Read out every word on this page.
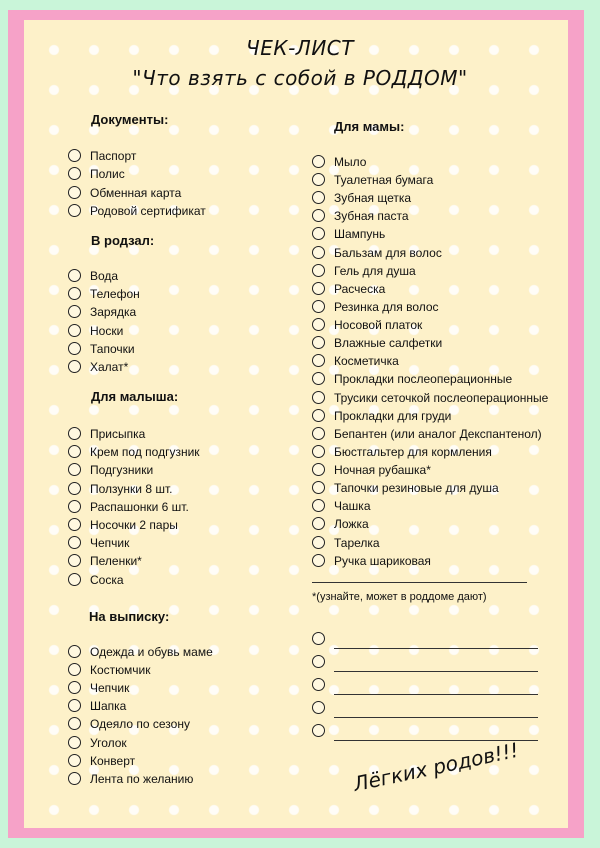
ЧЕК-ЛИСТ
"Что взять с собой в РОДДОМ"
Документы:
Паспорт
Полис
Обменная карта
Родовой сертификат
В родзал:
Вода
Телефон
Зарядка
Носки
Тапочки
Халат*
Для малыша:
Присыпка
Крем под подгузник
Подгузники
Ползунки 8 шт.
Распашонки 6 шт.
Носочки 2 пары
Чепчик
Пеленки*
Соска
На выписку:
Одежда и обувь маме
Костюмчик
Чепчик
Шапка
Одеяло по сезону
Уголок
Конверт
Лента по желанию
Для мамы:
Мыло
Туалетная бумага
Зубная щетка
Зубная паста
Шампунь
Бальзам для волос
Гель для душа
Расческа
Резинка для волос
Носовой платок
Влажные салфетки
Косметичка
Прокладки послеоперационные
Трусики сеточкой послеоперационные
Прокладки для груди
Бепантен (или аналог Декспантенол)
Бюстгальтер для кормления
Ночная рубашка*
Тапочки резиновые для душа
Чашка
Ложка
Тарелка
Ручка шариковая
*(узнайте, может в роддоме дают)
Лёгких родов!!!
